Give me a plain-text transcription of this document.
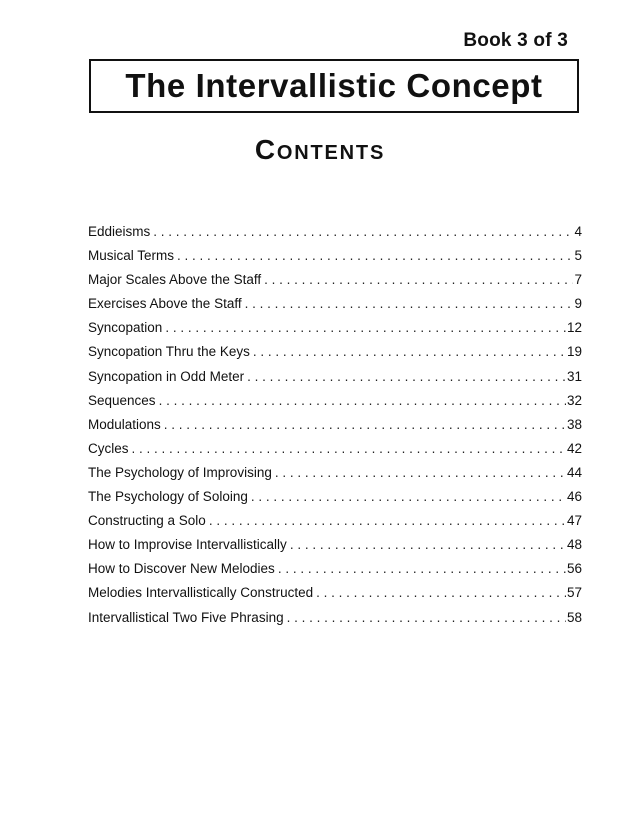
Book 3 of 3
The Intervallistic Concept
Contents
Eddieisms . . .	4
Musical Terms . . .	5
Major Scales Above the Staff . . .	7
Exercises Above the Staff . . .	9
Syncopation . . .	12
Syncopation Thru the Keys . . .	19
Syncopation in Odd Meter . . .	31
Sequences . . .	32
Modulations . . .	38
Cycles . . .	42
The Psychology of Improvising . . .	44
The Psychology of Soloing . . .	46
Constructing a Solo . . .	47
How to Improvise Intervallistically . . .	48
How to Discover New Melodies . . .	56
Melodies Intervallistically Constructed . . .	57
Intervallistical Two Five Phrasing . . .	58
